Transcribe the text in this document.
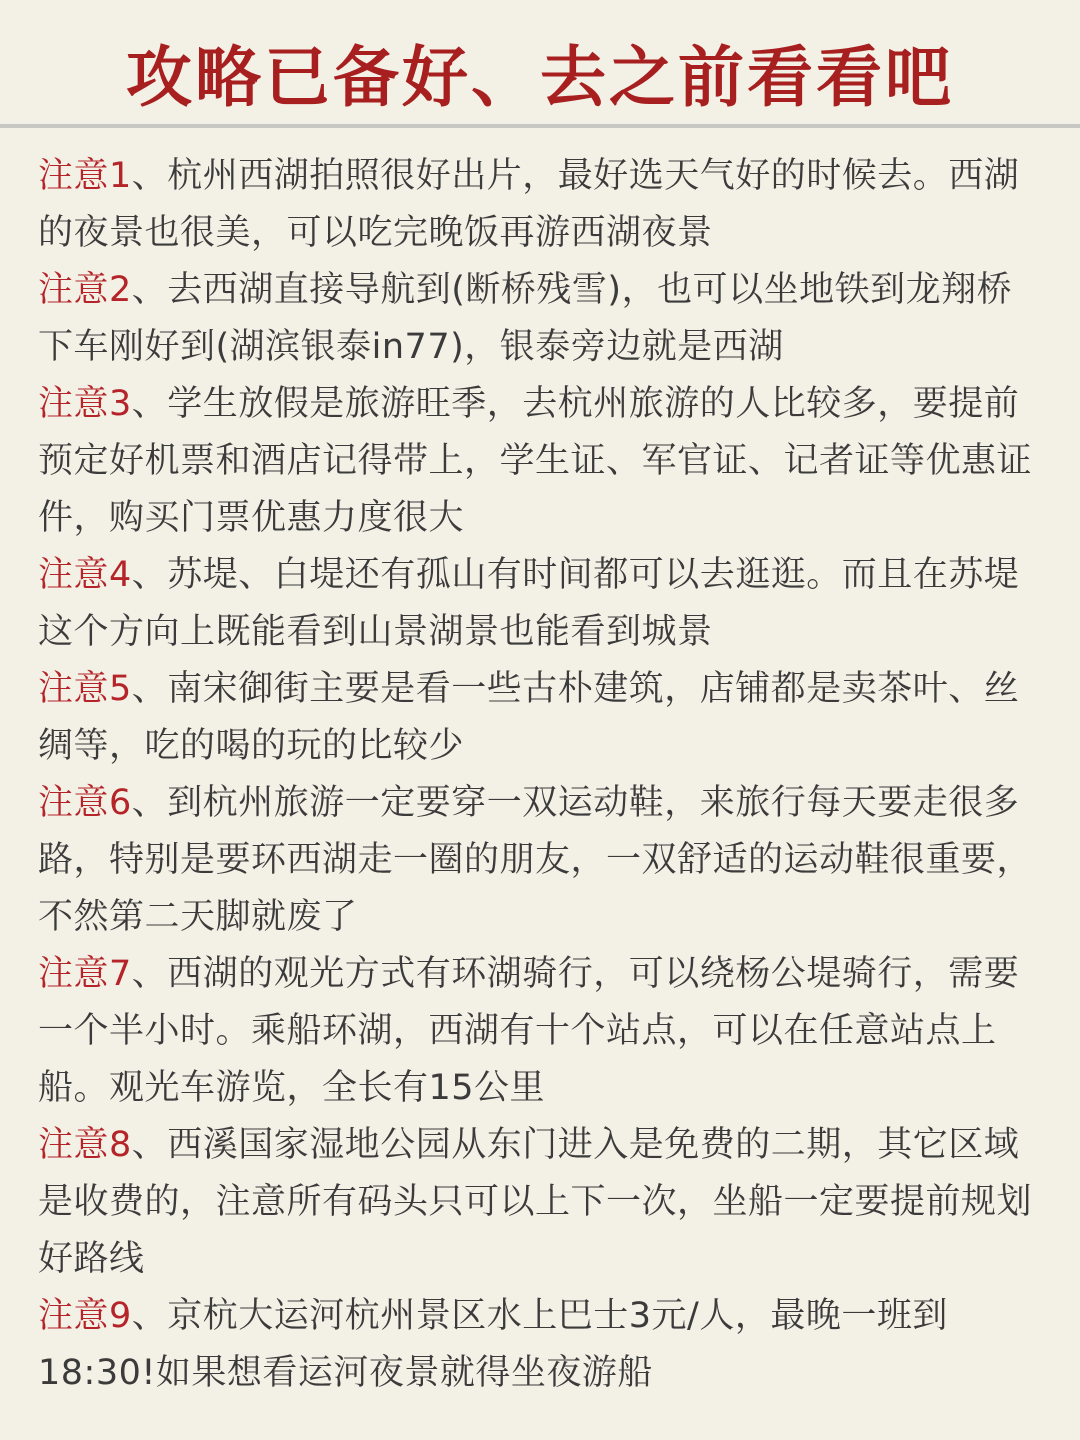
攻略已备好、去之前看看吧
注意1、杭州西湖拍照很好出片，最好选天气好的时候去。西湖的夜景也很美，可以吃完晚饭再游西湖夜景
注意2、去西湖直接导航到(断桥残雪)，也可以坐地铁到龙翔桥下车刚好到(湖滨银泰in77)，银泰旁边就是西湖
注意3、学生放假是旅游旺季，去杭州旅游的人比较多，要提前预定好机票和酒店记得带上，学生证、军官证、记者证等优惠证件，购买门票优惠力度很大
注意4、苏堤、白堤还有孤山有时间都可以去逛逛。而且在苏堤这个方向上既能看到山景湖景也能看到城景
注意5、南宋御街主要是看一些古朴建筑，店铺都是卖茶叶、丝绸等，吃的喝的玩的比较少
注意6、到杭州旅游一定要穿一双运动鞋，来旅行每天要走很多路，特别是要环西湖走一圈的朋友，一双舒适的运动鞋很重要，不然第二天脚就废了
注意7、西湖的观光方式有环湖骑行，可以绕杨公堤骑行，需要一个半小时。乘船环湖，西湖有十个站点，可以在任意站点上船。观光车游览，全长有15公里
注意8、西溪国家湿地公园从东门进入是免费的二期，其它区域是收费的，注意所有码头只可以上下一次，坐船一定要提前规划好路线
注意9、京杭大运河杭州景区水上巴士3元/人，最晚一班到18:30!如果想看运河夜景就得坐夜游船
